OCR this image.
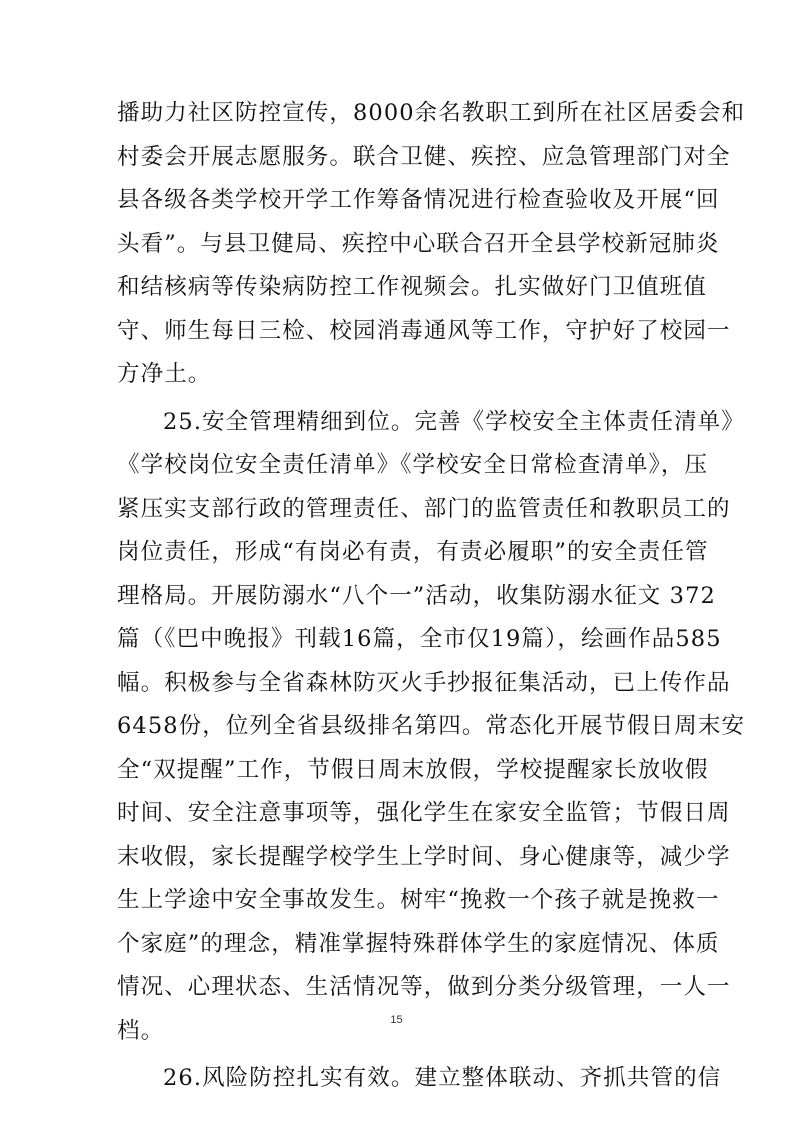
播助力社区防控宣传，8000余名教职工到所在社区居委会和
村委会开展志愿服务。联合卫健、疾控、应急管理部门对全
县各级各类学校开学工作筹备情况进行检查验收及开展“回
头看”。与县卫健局、疾控中心联合召开全县学校新冠肺炎
和结核病等传染病防控工作视频会。扎实做好门卫值班值
守、师生每日三检、校园消毒通风等工作，守护好了校园一
方净土。
25.安全管理精细到位。完善《学校安全主体责任清单》
《学校岗位安全责任清单》《学校安全日常检查清单》，压
紧压实支部行政的管理责任、部门的监管责任和教职员工的
岗位责任，形成“有岗必有责，有责必履职”的安全责任管
理格局。开展防溺水“八个一”活动，收集防溺水征文 372
篇（《巴中晚报》刊载16篇，全市仅19篇），绘画作品585
幅。积极参与全省森林防灭火手抄报征集活动，已上传作品
6458份，位列全省县级排名第四。常态化开展节假日周末安
全“双提醒”工作，节假日周末放假，学校提醒家长放收假
时间、安全注意事项等，强化学生在家安全监管；节假日周
末收假，家长提醒学校学生上学时间、身心健康等，减少学
生上学途中安全事故发生。树牢“挽救一个孩子就是挽救一
个家庭”的理念，精准掌握特殊群体学生的家庭情况、体质
情况、心理状态、生活情况等，做到分类分级管理，一人一
档。
26.风险防控扎实有效。建立整体联动、齐抓共管的信
15
